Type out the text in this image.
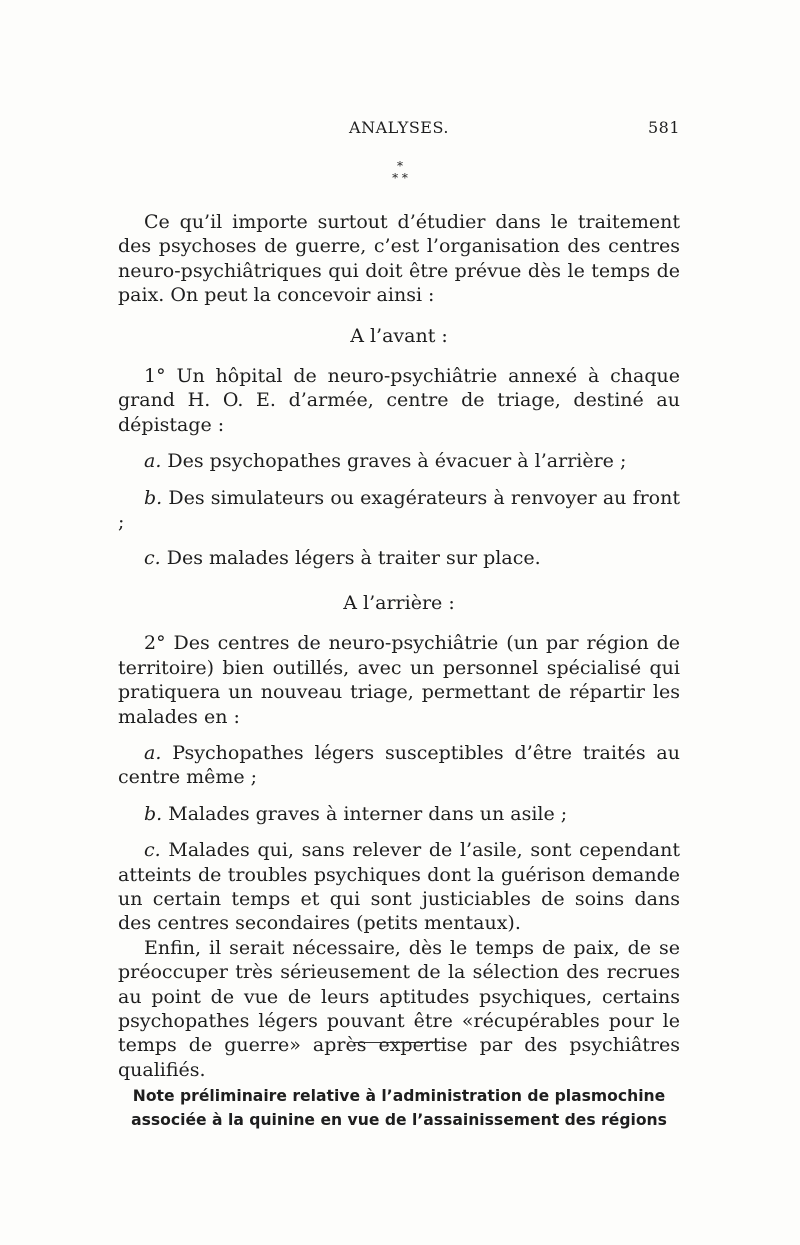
ANALYSES.	581
*
* *

Ce qu’il importe surtout d’étudier dans le traitement des psychoses de guerre, c’est l’organisation des centres neuro-psychiâtriques qui doit être prévue dès le temps de paix. On peut la concevoir ainsi :

A l’avant :

1° Un hôpital de neuro-psychiâtrie annexé à chaque grand H. O. E. d’armée, centre de triage, destiné au dépistage :

a. Des psychopathes graves à évacuer à l’arrière ;

b. Des simulateurs ou exagérateurs à renvoyer au front ;

c. Des malades légers à traiter sur place.

A l’arrière :

2° Des centres de neuro-psychiâtrie (un par région de territoire) bien outillés, avec un personnel spécialisé qui pratiquera un nouveau triage, permettant de répartir les malades en :

a. Psychopathes légers susceptibles d’être traités au centre même ;

b. Malades graves à interner dans un asile ;

c. Malades qui, sans relever de l’asile, sont cependant atteints de troubles psychiques dont la guérison demande un certain temps et qui sont justiciables de soins dans des centres secondaires (petits mentaux).

Enfin, il serait nécessaire, dès le temps de paix, de se préoccuper très sérieusement de la sélection des recrues au point de vue de leurs aptitudes psychiques, certains psychopathes légers pouvant être «récupérables pour le temps de guerre» après expertise par des psychiâtres qualifiés.

Note préliminaire relative à l’administration de plasmochine
associée à la quinine en vue de l’assainissement des régions
